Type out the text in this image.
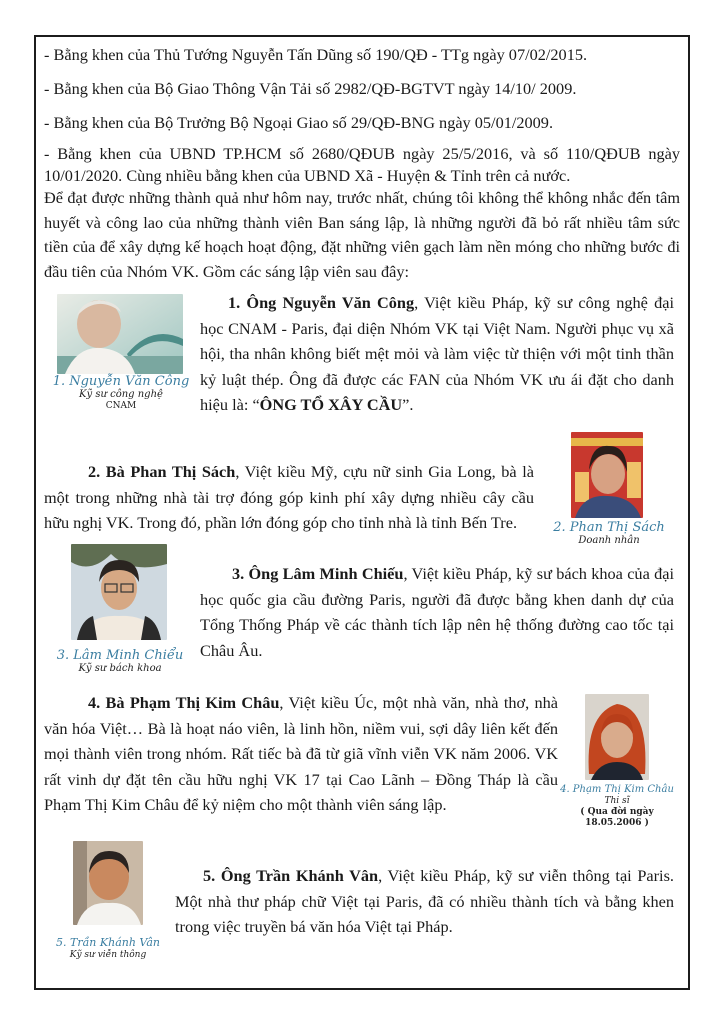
- Bằng khen của Thủ Tướng Nguyễn Tấn Dũng số 190/QĐ - TTg ngày 07/02/2015.

- Bằng khen của Bộ Giao Thông Vận Tải số 2982/QĐ-BGTVT ngày 14/10/ 2009.

- Bằng khen của Bộ Trưởng Bộ Ngoại Giao số 29/QĐ-BNG ngày 05/01/2009.

- Bằng khen của UBND TP.HCM số 2680/QĐUB ngày 25/5/2016, và số 110/QĐUB ngày 10/01/2020. Cùng nhiều bằng khen của UBND Xã - Huyện & Tỉnh trên cả nước.

Để đạt được những thành quả như hôm nay, trước nhất, chúng tôi không thể không nhắc đến tâm huyết và công lao của những thành viên Ban sáng lập, là những người đã bỏ rất nhiều tâm sức tiền của để xây dựng kế hoạch hoạt động, đặt những viên gạch làm nền móng cho những bước đi đầu tiên của Nhóm VK. Gồm các sáng lập viên sau đây:

1. Nguyễn Văn Công
Kỹ sư công nghệ
CNAM

1. Ông Nguyễn Văn Công, Việt kiều Pháp, kỹ sư công nghệ đại học CNAM - Paris, đại diện Nhóm VK tại Việt Nam. Người phục vụ xã hội, tha nhân không biết mệt mỏi và làm việc từ thiện với một tinh thần kỷ luật thép. Ông đã được các FAN của Nhóm VK ưu ái đặt cho danh hiệu là: “ÔNG TỔ XÂY CẦU”.

2. Bà Phan Thị Sách, Việt kiều Mỹ, cựu nữ sinh Gia Long, bà là một trong những nhà tài trợ đóng góp kinh phí xây dựng nhiều cây cầu hữu nghị VK. Trong đó, phần lớn đóng góp cho tỉnh nhà là tỉnh Bến Tre.	2. Phan Thị Sách
Doanh nhân
3. Lâm Minh Chiểu
Kỹ sư bách khoa

3. Ông Lâm Minh Chiếu, Việt kiều Pháp, kỹ sư bách khoa của đại học quốc gia cầu đường Paris, người đã được bằng khen danh dự của Tổng Thống Pháp về các thành tích lập nên hệ thống đường cao tốc tại Châu Âu.

4. Bà Phạm Thị Kim Châu, Việt kiều Úc, một nhà văn, nhà thơ, nhà văn hóa Việt… Bà là hoạt náo viên, là linh hồn, niềm vui, sợi dây liên kết đến mọi thành viên trong nhóm. Rất tiếc bà đã từ giã vĩnh viễn VK năm 2006. VK rất vinh dự đặt tên cầu hữu nghị VK 17 tại Cao Lãnh – Đồng Tháp là cầu Phạm Thị Kim Châu để kỷ niệm cho một thành viên sáng lập.

4. Phạm Thị Kim Châu
Thi sĩ
( Qua đời ngày 18.05.2006 )
5. Trần Khánh Vân
Kỹ sư viễn thông

5. Ông Trần Khánh Vân, Việt kiều Pháp, kỹ sư viễn thông tại Paris. Một nhà thư pháp chữ Việt tại Paris, đã có nhiều thành tích và bằng khen trong việc truyền bá văn hóa Việt tại Pháp.
